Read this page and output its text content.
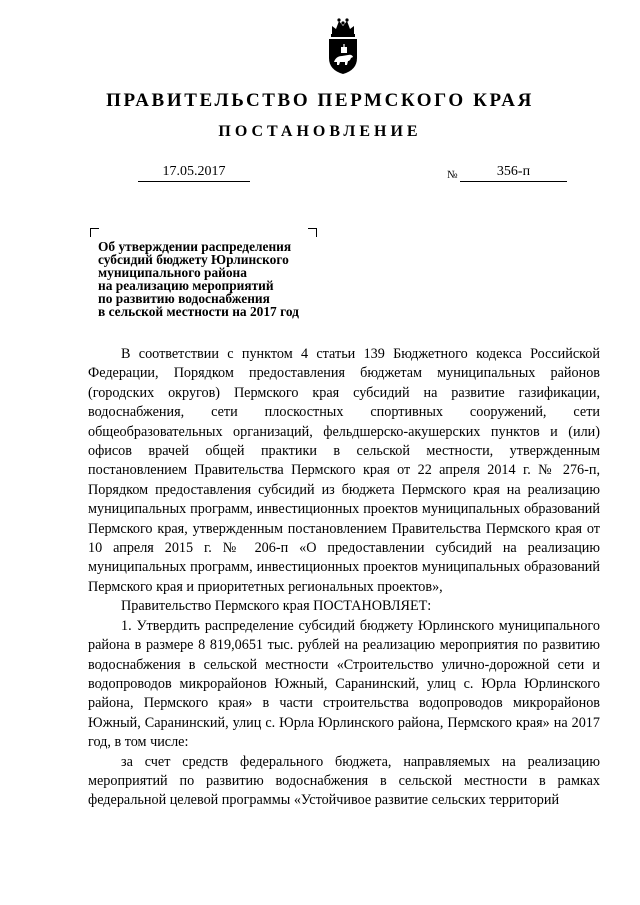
ПРАВИТЕЛЬСТВО ПЕРМСКОГО КРАЯ
ПОСТАНОВЛЕНИЕ
17.05.2017	№	356-п
Об утверждении распределения
субсидий бюджету Юрлинского
муниципального района
на реализацию мероприятий
по развитию водоснабжения
в сельской местности на 2017 год

В соответствии с пунктом 4 статьи 139 Бюджетного кодекса Российской Федерации, Порядком предоставления бюджетам муниципальных районов (городских округов) Пермского края субсидий на развитие газификации, водоснабжения, сети плоскостных спортивных сооружений, сети общеобразовательных организаций, фельдшерско-акушерских пунктов и (или) офисов врачей общей практики в сельской местности, утвержденным постановлением Правительства Пермского края от 22 апреля 2014 г. № 276-п, Порядком предоставления субсидий из бюджета Пермского края на реализацию муниципальных программ, инвестиционных проектов муниципальных образований Пермского края, утвержденным постановлением Правительства Пермского края от 10 апреля 2015 г. № 206-п «О предоставлении субсидий на реализацию муниципальных программ, инвестиционных проектов муниципальных образований Пермского края и приоритетных региональных проектов»,

Правительство Пермского края ПОСТАНОВЛЯЕТ:

1. Утвердить распределение субсидий бюджету Юрлинского муниципального района в размере 8 819,0651 тыс. рублей на реализацию мероприятия по развитию водоснабжения в сельской местности «Строительство улично-дорожной сети и водопроводов микрорайонов Южный, Саранинский, улиц с. Юрла Юрлинского района, Пермского края» в части строительства водопроводов микрорайонов Южный, Саранинский, улиц с. Юрла Юрлинского района, Пермского края» на 2017 год, в том числе:

за счет средств федерального бюджета, направляемых на реализацию мероприятий по развитию водоснабжения в сельской местности в рамках федеральной целевой программы «Устойчивое развитие сельских территорий
